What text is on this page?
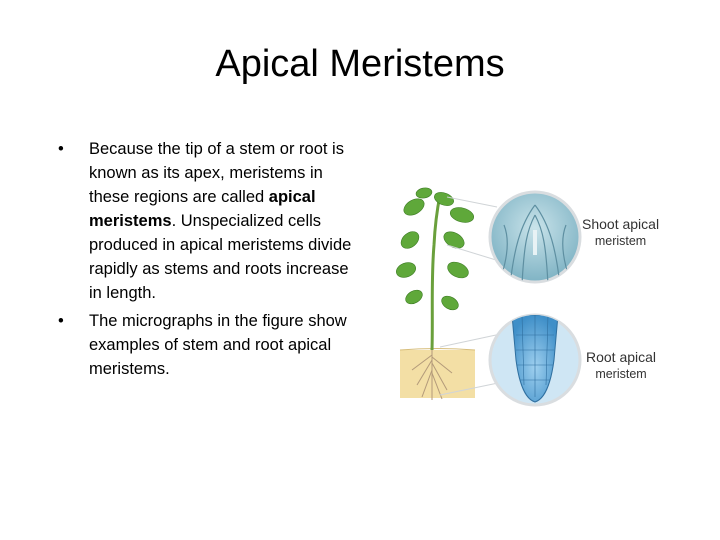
Apical Meristems
•	Because the tip of a stem or root is known as its apex, meristems in these regions are called apical meristems. Unspecialized cells produced in apical meristems divide rapidly as stems and roots increase in length.
•	The micrographs in the figure show examples of stem and root apical meristems.
Shoot apical
meristem
Root apical
meristem
